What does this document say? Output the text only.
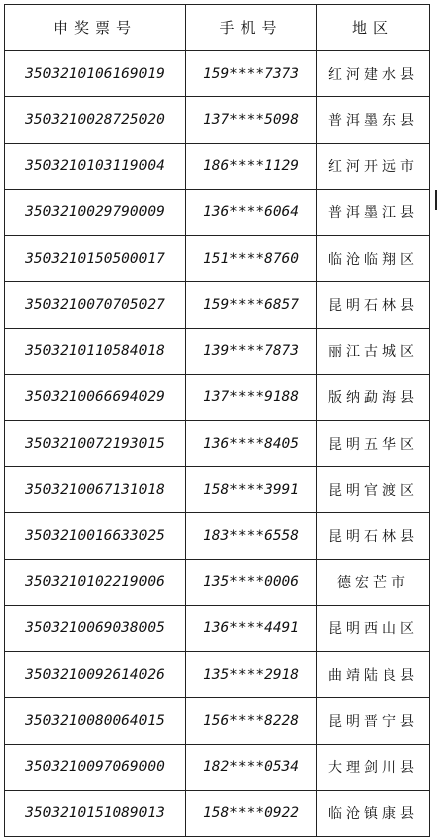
申奖票号	手机号	地区
3503210106169019	159****7373	红河建水县
3503210028725020	137****5098	普洱墨东县
3503210103119004	186****1129	红河开远市
3503210029790009	136****6064	普洱墨江县
3503210150500017	151****8760	临沧临翔区
3503210070705027	159****6857	昆明石林县
3503210110584018	139****7873	丽江古城区
3503210066694029	137****9188	版纳勐海县
3503210072193015	136****8405	昆明五华区
3503210067131018	158****3991	昆明官渡区
3503210016633025	183****6558	昆明石林县
3503210102219006	135****0006	德宏芒市
3503210069038005	136****4491	昆明西山区
3503210092614026	135****2918	曲靖陆良县
3503210080064015	156****8228	昆明晋宁县
3503210097069000	182****0534	大理剑川县
3503210151089013	158****0922	临沧镇康县
